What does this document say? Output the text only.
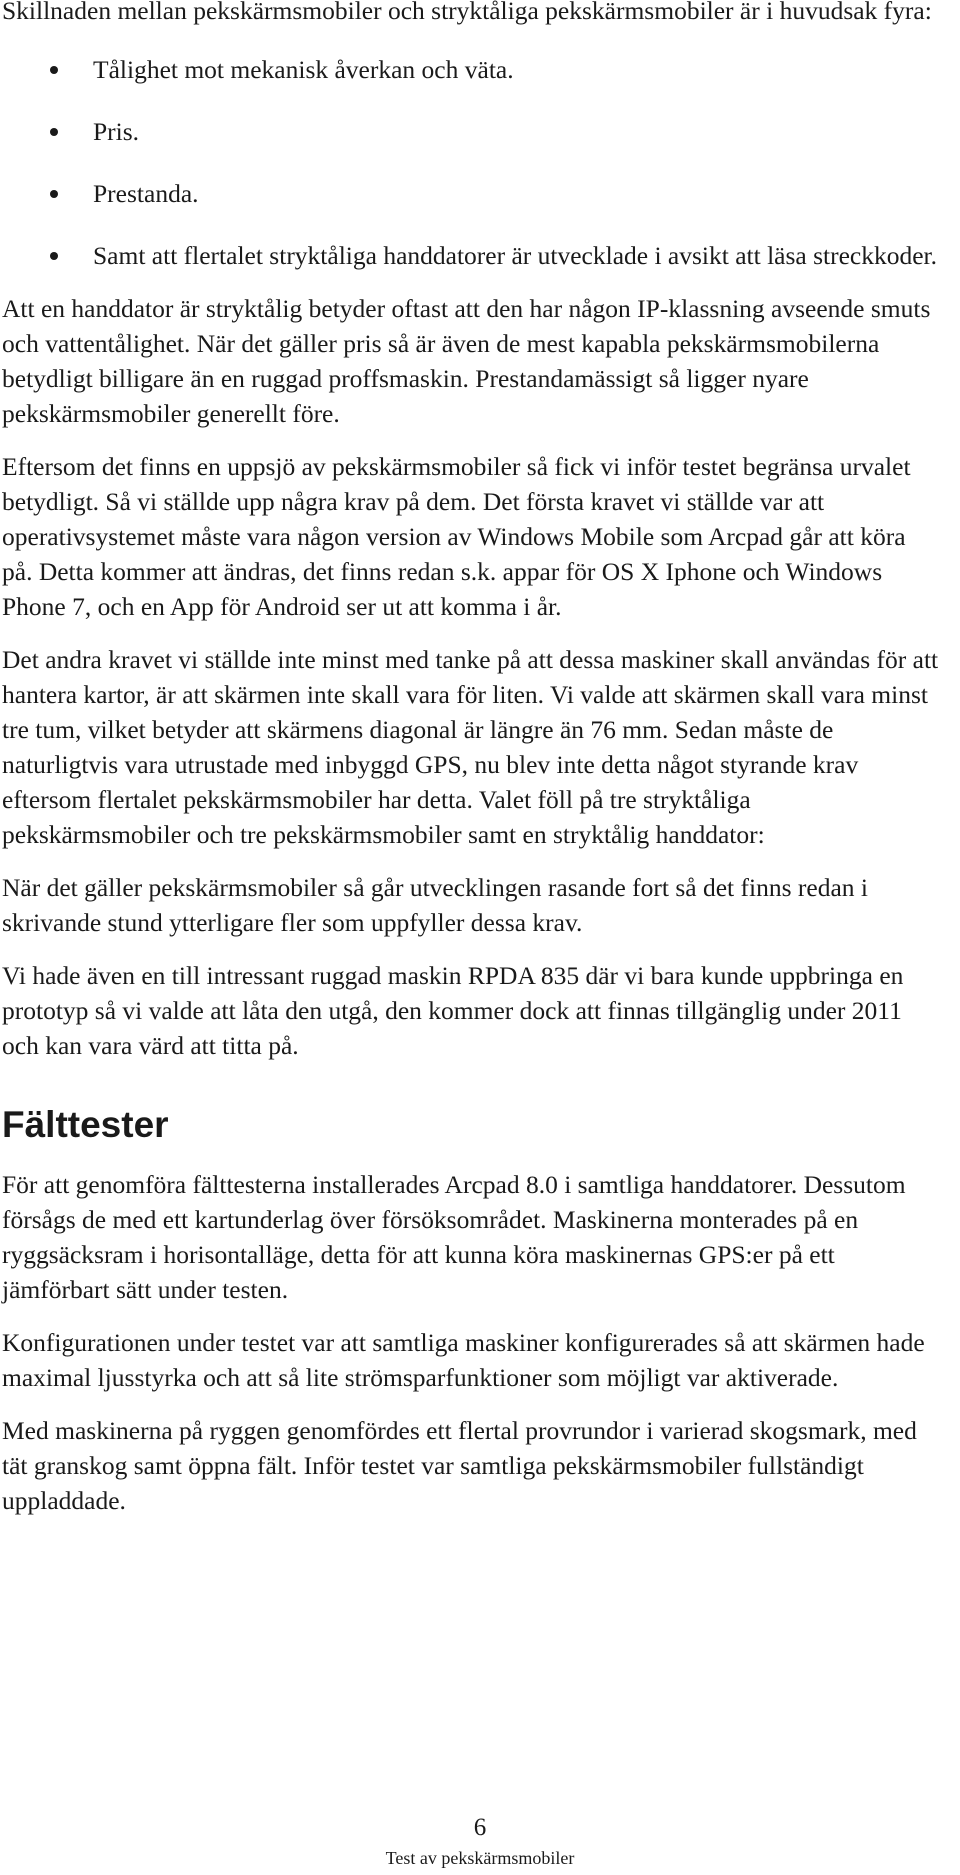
Skillnaden mellan pekskärmsmobiler och stryktåliga pekskärmsmobiler är i huvudsak fyra:

Tålighet mot mekanisk åverkan och väta.
Pris.
Prestanda.
Samt att flertalet stryktåliga handdatorer är utvecklade i avsikt att läsa streckkoder.

Att en handdator är stryktålig betyder oftast att den har någon IP-klassning avseende smuts och vattentålighet. När det gäller pris så är även de mest kapabla pekskärmsmobilerna betydligt billigare än en ruggad proffsmaskin. Prestandamässigt så ligger nyare pekskärmsmobiler generellt före.

Eftersom det finns en uppsjö av pekskärmsmobiler så fick vi inför testet begränsa urvalet betydligt. Så vi ställde upp några krav på dem. Det första kravet vi ställde var att operativsystemet måste vara någon version av Windows Mobile som Arcpad går att köra på. Detta kommer att ändras, det finns redan s.k. appar för OS X Iphone och Windows Phone 7, och en App för Android ser ut att komma i år.

Det andra kravet vi ställde inte minst med tanke på att dessa maskiner skall användas för att hantera kartor, är att skärmen inte skall vara för liten. Vi valde att skärmen skall vara minst tre tum, vilket betyder att skärmens diagonal är längre än 76 mm. Sedan måste de naturligtvis vara utrustade med inbyggd GPS, nu blev inte detta något styrande krav eftersom flertalet pekskärmsmobiler har detta. Valet föll på tre stryktåliga pekskärmsmobiler och tre pekskärmsmobiler samt en stryktålig handdator:

När det gäller pekskärmsmobiler så går utvecklingen rasande fort så det finns redan i skrivande stund ytterligare fler som uppfyller dessa krav.

Vi hade även en till intressant ruggad maskin RPDA 835 där vi bara kunde uppbringa en prototyp så vi valde att låta den utgå, den kommer dock att finnas tillgänglig under 2011 och kan vara värd att titta på.

Fälttester

För att genomföra fälttesterna installerades Arcpad 8.0 i samtliga handdatorer. Dessutom försågs de med ett kartunderlag över försöksområdet. Maskinerna monterades på en ryggsäcksram i horisontalläge, detta för att kunna köra maskinernas GPS:er på ett jämförbart sätt under testen.

Konfigurationen under testet var att samtliga maskiner konfigurerades så att skärmen hade maximal ljusstyrka och att så lite strömsparfunktioner som möjligt var aktiverade.

Med maskinerna på ryggen genomfördes ett flertal provrundor i varierad skogsmark, med tät granskog samt öppna fält. Inför testet var samtliga pekskärmsmobiler fullständigt uppladdade.

6
Test av pekskärmsmobiler
